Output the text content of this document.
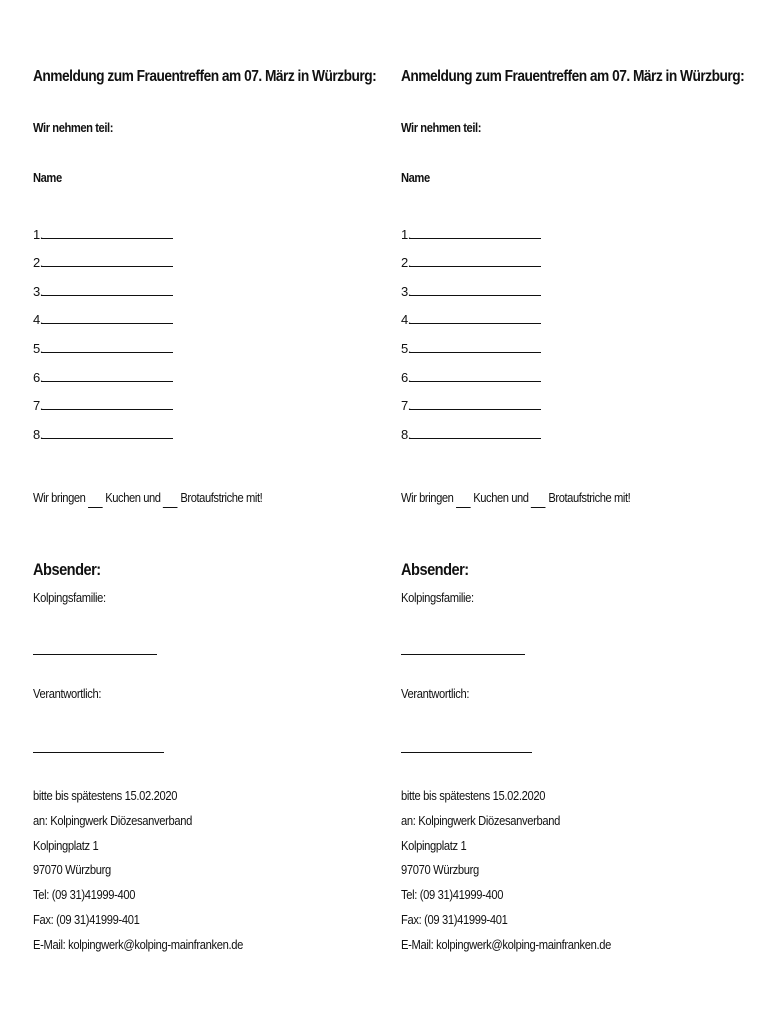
Anmeldung zum Frauentreffen am 07. März in Würzburg:
Wir nehmen teil:
Name
1.
2.
3.
4.
5.
6.
7.
8.
Wir bringen Kuchen und Brotaufstriche mit!
Absender:
Kolpingsfamilie:
Verantwortlich:
bitte bis spätestens 15.02.2020
an: Kolpingwerk Diözesanverband
Kolpingplatz 1
97070 Würzburg
Tel: (09 31)41999-400
Fax: (09 31)41999-401
E-Mail: kolpingwerk@kolping-mainfranken.de
Anmeldung zum Frauentreffen am 07. März in Würzburg:
Wir nehmen teil:
Name
1.
2.
3.
4.
5.
6.
7.
8.
Wir bringen Kuchen und Brotaufstriche mit!
Absender:
Kolpingsfamilie:
Verantwortlich:
bitte bis spätestens 15.02.2020
an: Kolpingwerk Diözesanverband
Kolpingplatz 1
97070 Würzburg
Tel: (09 31)41999-400
Fax: (09 31)41999-401
E-Mail: kolpingwerk@kolping-mainfranken.de
